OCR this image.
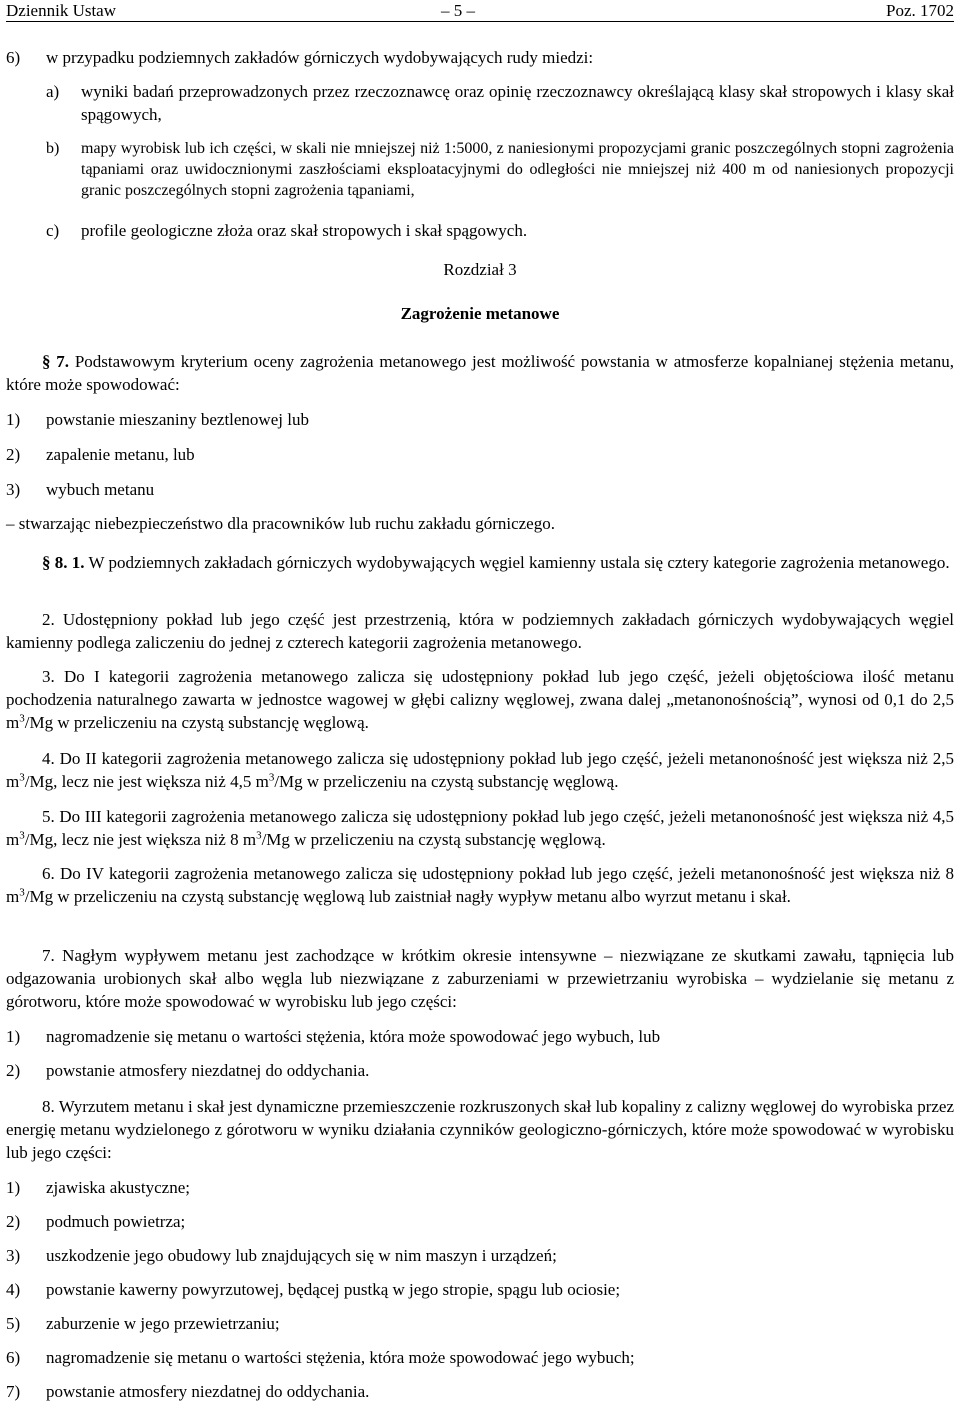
Dziennik Ustaw	– 5 –	Poz. 1702
6) w przypadku podziemnych zakładów górniczych wydobywających rudy miedzi:
a) wyniki badań przeprowadzonych przez rzeczoznawcę oraz opinię rzeczoznawcy określającą klasy skał stropowych i klasy skał spągowych,
b) mapy wyrobisk lub ich części, w skali nie mniejszej niż 1:5000, z naniesionymi propozycjami granic poszczególnych stopni zagrożenia tąpaniami oraz uwidocznionymi zaszłościami eksploatacyjnymi do odległości nie mniejszej niż 400 m od naniesionych propozycji granic poszczególnych stopni zagrożenia tąpaniami,
c) profile geologiczne złoża oraz skał stropowych i skał spągowych.
Rozdział 3
Zagrożenie metanowe
§ 7. Podstawowym kryterium oceny zagrożenia metanowego jest możliwość powstania w atmosferze kopalnianej stężenia metanu, które może spowodować:
1) powstanie mieszaniny beztlenowej lub
2) zapalenie metanu, lub
3) wybuch metanu
– stwarzając niebezpieczeństwo dla pracowników lub ruchu zakładu górniczego.
§ 8. 1. W podziemnych zakładach górniczych wydobywających węgiel kamienny ustala się cztery kategorie zagrożenia metanowego.
2. Udostępniony pokład lub jego część jest przestrzenią, która w podziemnych zakładach górniczych wydobywających węgiel kamienny podlega zaliczeniu do jednej z czterech kategorii zagrożenia metanowego.
3. Do I kategorii zagrożenia metanowego zalicza się udostępniony pokład lub jego część, jeżeli objętościowa ilość metanu pochodzenia naturalnego zawarta w jednostce wagowej w głębi calizny węglowej, zwana dalej „metanonośnością”, wynosi od 0,1 do 2,5 $m^3/Mg$ w przeliczeniu na czystą substancję węglową.
4. Do II kategorii zagrożenia metanowego zalicza się udostępniony pokład lub jego część, jeżeli metanonośność jest większa niż 2,5 $m^3/Mg$, lecz nie jest większa niż 4,5 $m^3/Mg$ w przeliczeniu na czystą substancję węglową.
5. Do III kategorii zagrożenia metanowego zalicza się udostępniony pokład lub jego część, jeżeli metanonośność jest większa niż 4,5 $m^3/Mg$, lecz nie jest większa niż 8 $m^3/Mg$ w przeliczeniu na czystą substancję węglową.
6. Do IV kategorii zagrożenia metanowego zalicza się udostępniony pokład lub jego część, jeżeli metanonośność jest większa niż 8 $m^3/Mg$ w przeliczeniu na czystą substancję węglową lub zaistniał nagły wypływ metanu albo wyrzut metanu i skał.
7. Nagłym wypływem metanu jest zachodzące w krótkim okresie intensywne – niezwiązane ze skutkami zawału, tąpnięcia lub odgazowania urobionych skał albo węgla lub niezwiązane z zaburzeniami w przewietrzaniu wyrobiska – wydzielanie się metanu z górotworu, które może spowodować w wyrobisku lub jego części:
1) nagromadzenie się metanu o wartości stężenia, która może spowodować jego wybuch, lub
2) powstanie atmosfery niezdatnej do oddychania.
8. Wyrzutem metanu i skał jest dynamiczne przemieszczenie rozkruszonych skał lub kopaliny z calizny węglowej do wyrobiska przez energię metanu wydzielonego z górotworu w wyniku działania czynników geologiczno-górniczych, które może spowodować w wyrobisku lub jego części:
1) zjawiska akustyczne;
2) podmuch powietrza;
3) uszkodzenie jego obudowy lub znajdujących się w nim maszyn i urządzeń;
4) powstanie kawerny powyrzutowej, będącej pustką w jego stropie, spągu lub ociosie;
5) zaburzenie w jego przewietrzaniu;
6) nagromadzenie się metanu o wartości stężenia, która może spowodować jego wybuch;
7) powstanie atmosfery niezdatnej do oddychania.
